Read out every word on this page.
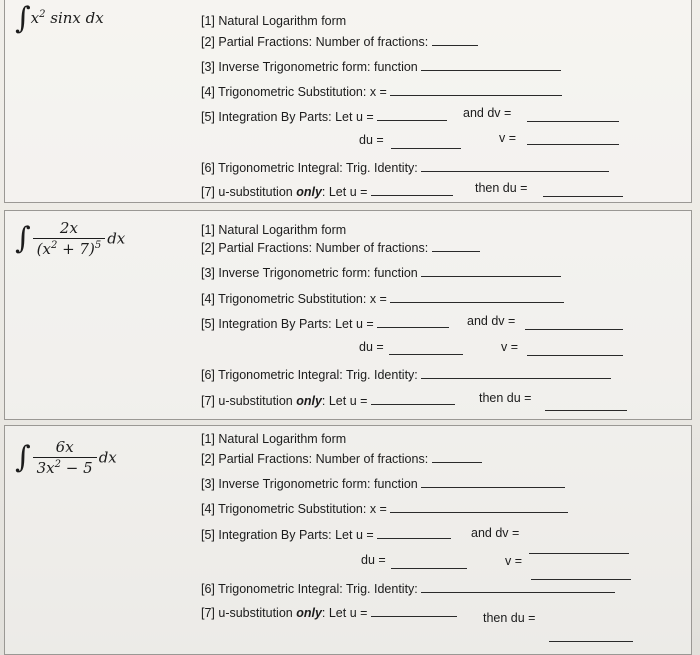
$\int x^2$ sinx dx	[1] Natural Logarithm form
[2] Partial Fractions: Number of fractions:
[3] Inverse Trigonometric form: function
[4] Trigonometric Substitution: x =
[5] Integration By Parts: Let u =	and dv =
du =	v =
[6] Trigonometric Integral: Trig. Identity:
[7] u-substitution only: Let u =	then du =
∫ $\frac{2x}{(x^2 + 7)^5}$ dx	[1] Natural Logarithm form
[2] Partial Fractions: Number of fractions:
[3] Inverse Trigonometric form: function
[4] Trigonometric Substitution: x =
[5] Integration By Parts: Let u =	and dv =
du =	v =
[6] Trigonometric Integral: Trig. Identity:
[7] u-substitution only: Let u =	then du =
∫ $\frac{6x}{3x^2 - 5}$ dx
[1] Natural Logarithm form
[2] Partial Fractions: Number of fractions:
[3] Inverse Trigonometric form: function
[4] Trigonometric Substitution: x =
[5] Integration By Parts: Let u =	and dv =
du =	v =
[6] Trigonometric Integral: Trig. Identity:
[7] u-substitution only: Let u =	then du =
